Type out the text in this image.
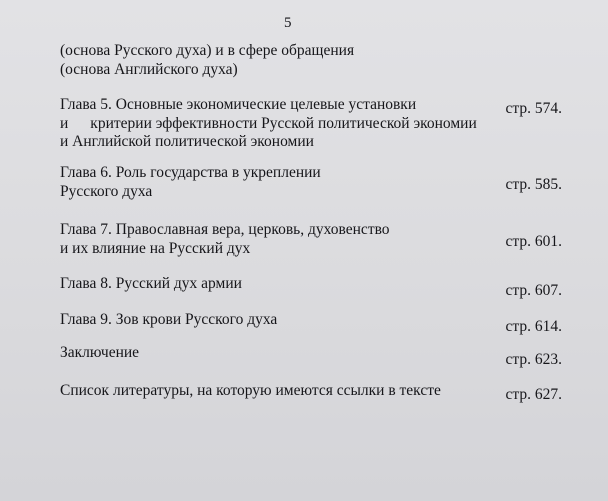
5
(основа Русского духа) и в сфере обращения
(основа Английского духа)
Глава 5. Основные экономические целевые установки
и критерии эффективности Русской политической экономии
и Английской политической экономии
стр. 574.
Глава 6. Роль государства в укреплении
Русского духа	стр. 585.
Глава 7. Православная вера, церковь, духовенство
и их влияние на Русский дух	стр. 601.
Глава 8. Русский дух армии	стр. 607.
Глава 9. Зов крови Русского духа	стр. 614.
Заключение	стр. 623.
Список литературы, на которую имеются ссылки в тексте	стр. 627.
